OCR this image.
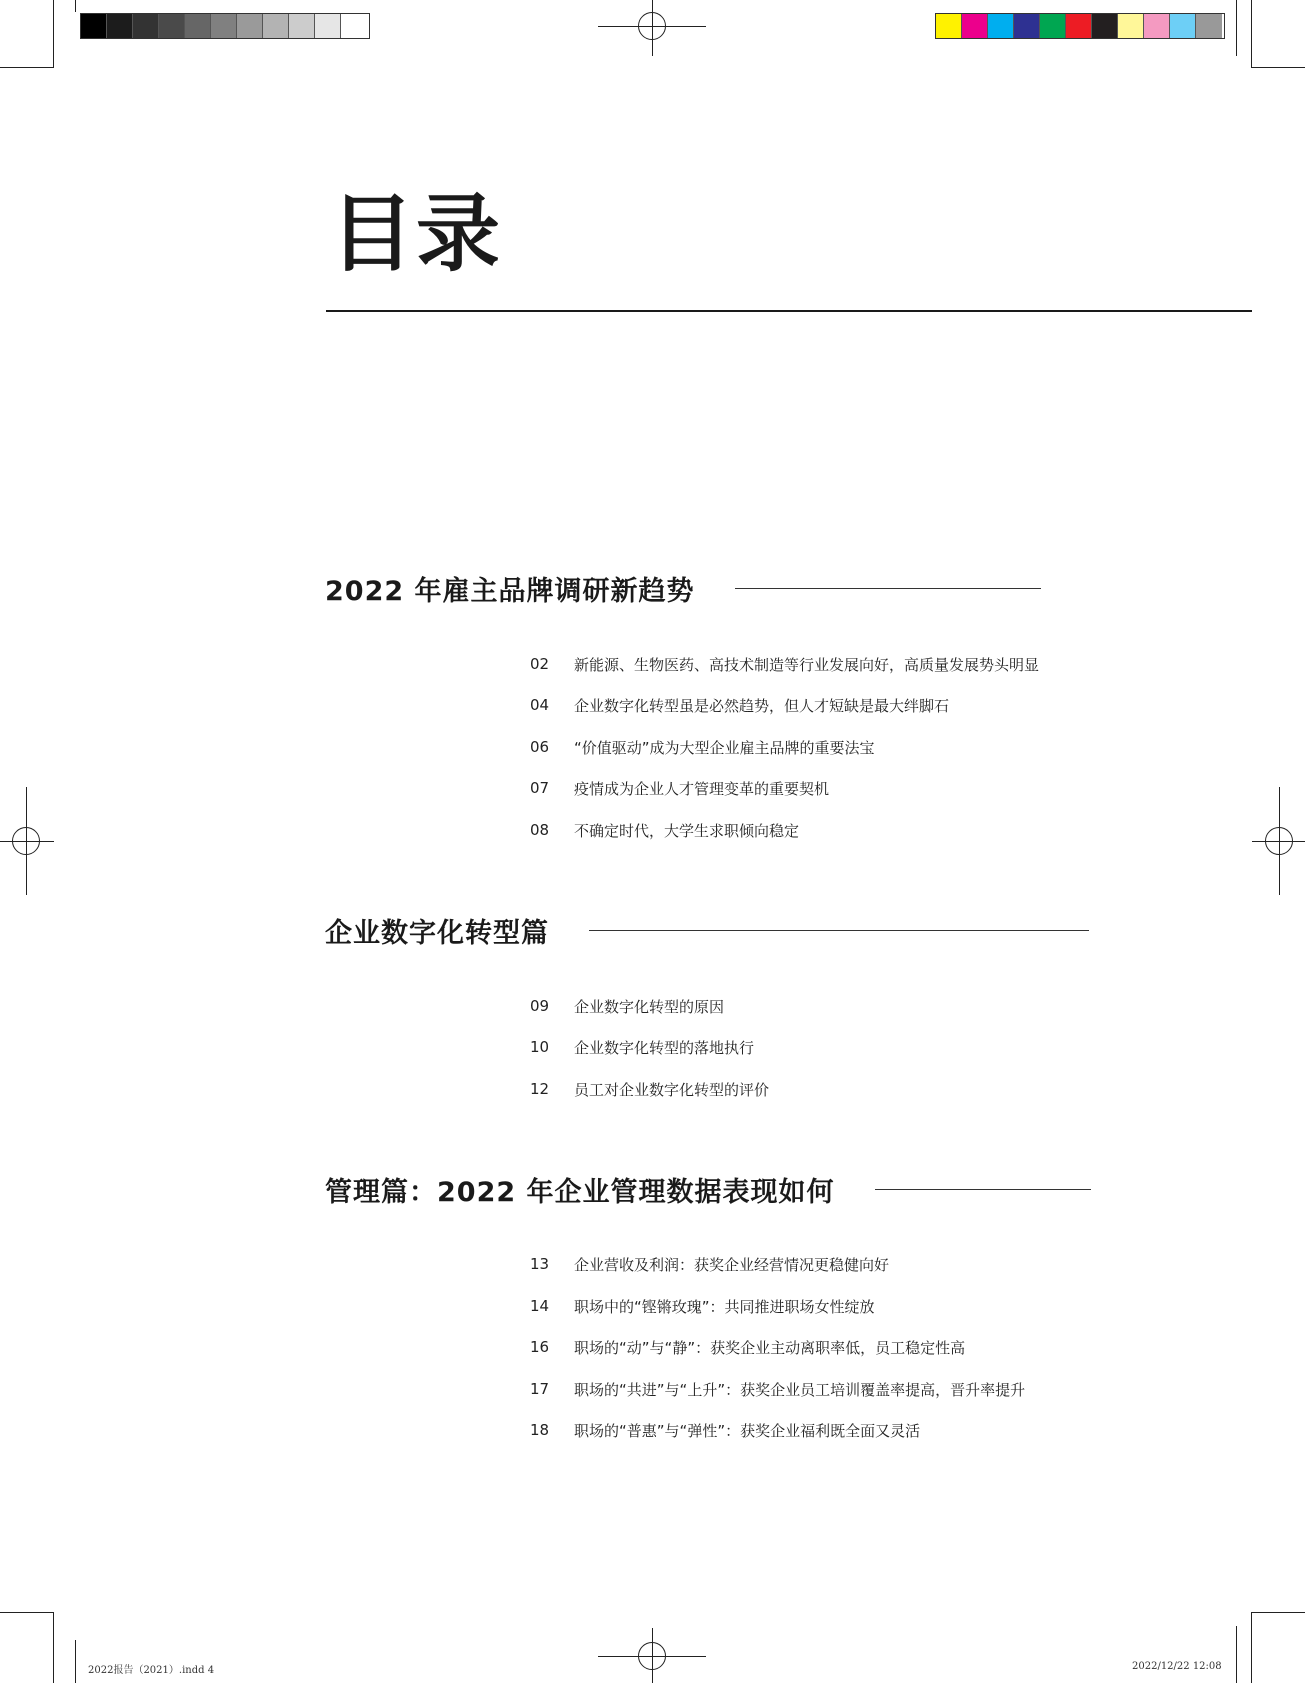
目录
2022 年雇主品牌调研新趋势
02	新能源、生物医药、高技术制造等行业发展向好，高质量发展势头明显
04	企业数字化转型虽是必然趋势，但人才短缺是最大绊脚石
06	“价值驱动”成为大型企业雇主品牌的重要法宝
07	疫情成为企业人才管理变革的重要契机
08	不确定时代，大学生求职倾向稳定
企业数字化转型篇
09	企业数字化转型的原因
10	企业数字化转型的落地执行
12	员工对企业数字化转型的评价
管理篇：2022 年企业管理数据表现如何
13	企业营收及利润：获奖企业经营情况更稳健向好
14	职场中的“铿锵玫瑰”：共同推进职场女性绽放
16	职场的“动”与“静”：获奖企业主动离职率低，员工稳定性高
17	职场的“共进”与“上升”：获奖企业员工培训覆盖率提高，晋升率提升
18	职场的“普惠”与“弹性”：获奖企业福利既全面又灵活
2022报告（2021）.indd 4	2022/12/22 12:08
